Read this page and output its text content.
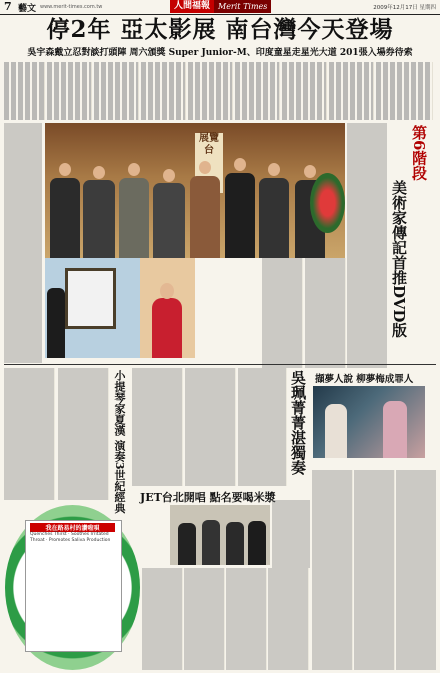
7 藝文 www.merit-times.com.tw	人間福報 Merit Times	2009年12月17日 星期四
停2年 亞太影展 南台灣今天登場
吳宇森戴立忍對談打頭陣 周六頒獎 Super Junior-M、印度童星走星光大道 201張入場券待索
展覽台	第6階段
美術家傳記首推DVD版
小提琴家夏漢 演奏3世紀經典	吳珮菁菁湛獨奏 擷夢人說 柳夢梅成罪人
JET台北開唱 點名要喝米漿
我在路易村的讚啦唄
Quenches Thirst · Soothes Irritated Throat · Promotes Saliva Production
